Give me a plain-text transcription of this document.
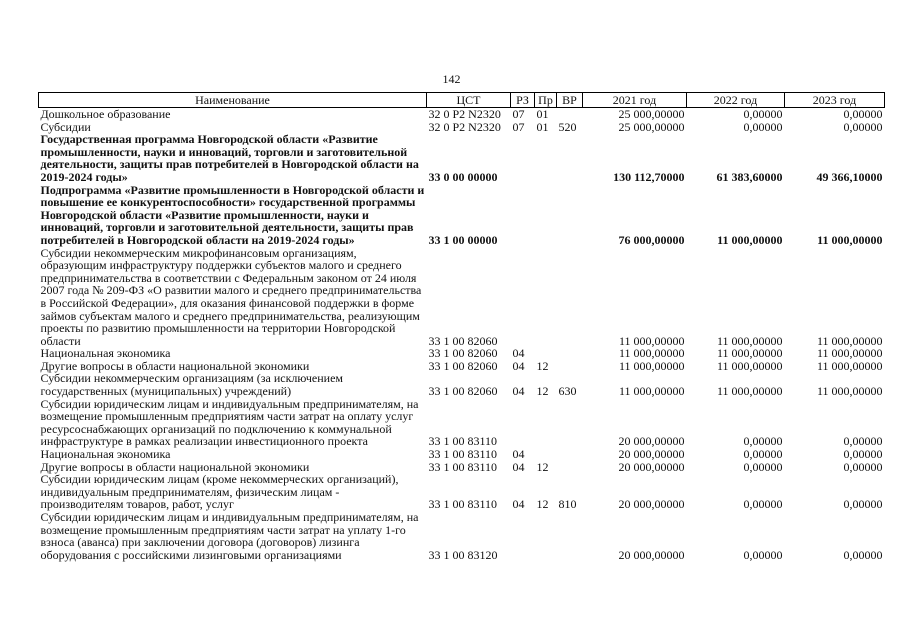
142
Наименование	ЦСТ	РЗ	Пр	ВР	2021 год	2022 год	2023 год
Дошкольное образование	32 0 P2 N2320	07	01		25 000,00000	0,00000	0,00000
Субсидии	32 0 P2 N2320	07	01	520	25 000,00000	0,00000	0,00000
Государственная программа Новгородской области «Развитие промышленности, науки и инноваций, торговли и заготовительной деятельности, защиты прав потребителей в Новгородской области на 2019-2024 годы»	33 0 00 00000				130 112,70000	61 383,60000	49 366,10000
Подпрограмма «Развитие промышленности в Новгородской области и повышение ее конкурентоспособности» государственной программы Новгородской области «Развитие промышленности, науки и инноваций, торговли и заготовительной деятельности, защиты прав потребителей в Новгородской области на 2019-2024 годы»	33 1 00 00000				76 000,00000	11 000,00000	11 000,00000
Субсидии некоммерческим микрофинансовым организациям, образующим инфраструктуру поддержки субъектов малого и среднего предпринимательства в соответствии с Федеральным законом от 24 июля 2007 года № 209-ФЗ «О развитии малого и среднего предпринимательства в Российской Федерации», для оказания финансовой поддержки в форме займов субъектам малого и среднего предпринимательства, реализующим проекты по развитию промышленности на территории Новгородской области	33 1 00 82060				11 000,00000	11 000,00000	11 000,00000
Национальная экономика	33 1 00 82060	04			11 000,00000	11 000,00000	11 000,00000
Другие вопросы в области национальной экономики	33 1 00 82060	04	12		11 000,00000	11 000,00000	11 000,00000
Субсидии некоммерческим организациям (за исключением государственных (муниципальных) учреждений)	33 1 00 82060	04	12	630	11 000,00000	11 000,00000	11 000,00000
Субсидии юридическим лицам и индивидуальным предпринимателям, на возмещение промышленным предприятиям части затрат на оплату услуг ресурсоснабжающих организаций по подключению к коммунальной инфраструктуре в рамках реализации инвестиционного проекта	33 1 00 83110				20 000,00000	0,00000	0,00000
Национальная экономика	33 1 00 83110	04			20 000,00000	0,00000	0,00000
Другие вопросы в области национальной экономики	33 1 00 83110	04	12		20 000,00000	0,00000	0,00000
Субсидии юридическим лицам (кроме некоммерческих организаций), индивидуальным предпринимателям, физическим лицам - производителям товаров, работ, услуг	33 1 00 83110	04	12	810	20 000,00000	0,00000	0,00000
Субсидии юридическим лицам и индивидуальным предпринимателям, на возмещение промышленным предприятиям части затрат на уплату 1-го взноса (аванса) при заключении договора (договоров) лизинга оборудования с российскими лизинговыми организациями	33 1 00 83120				20 000,00000	0,00000	0,00000
